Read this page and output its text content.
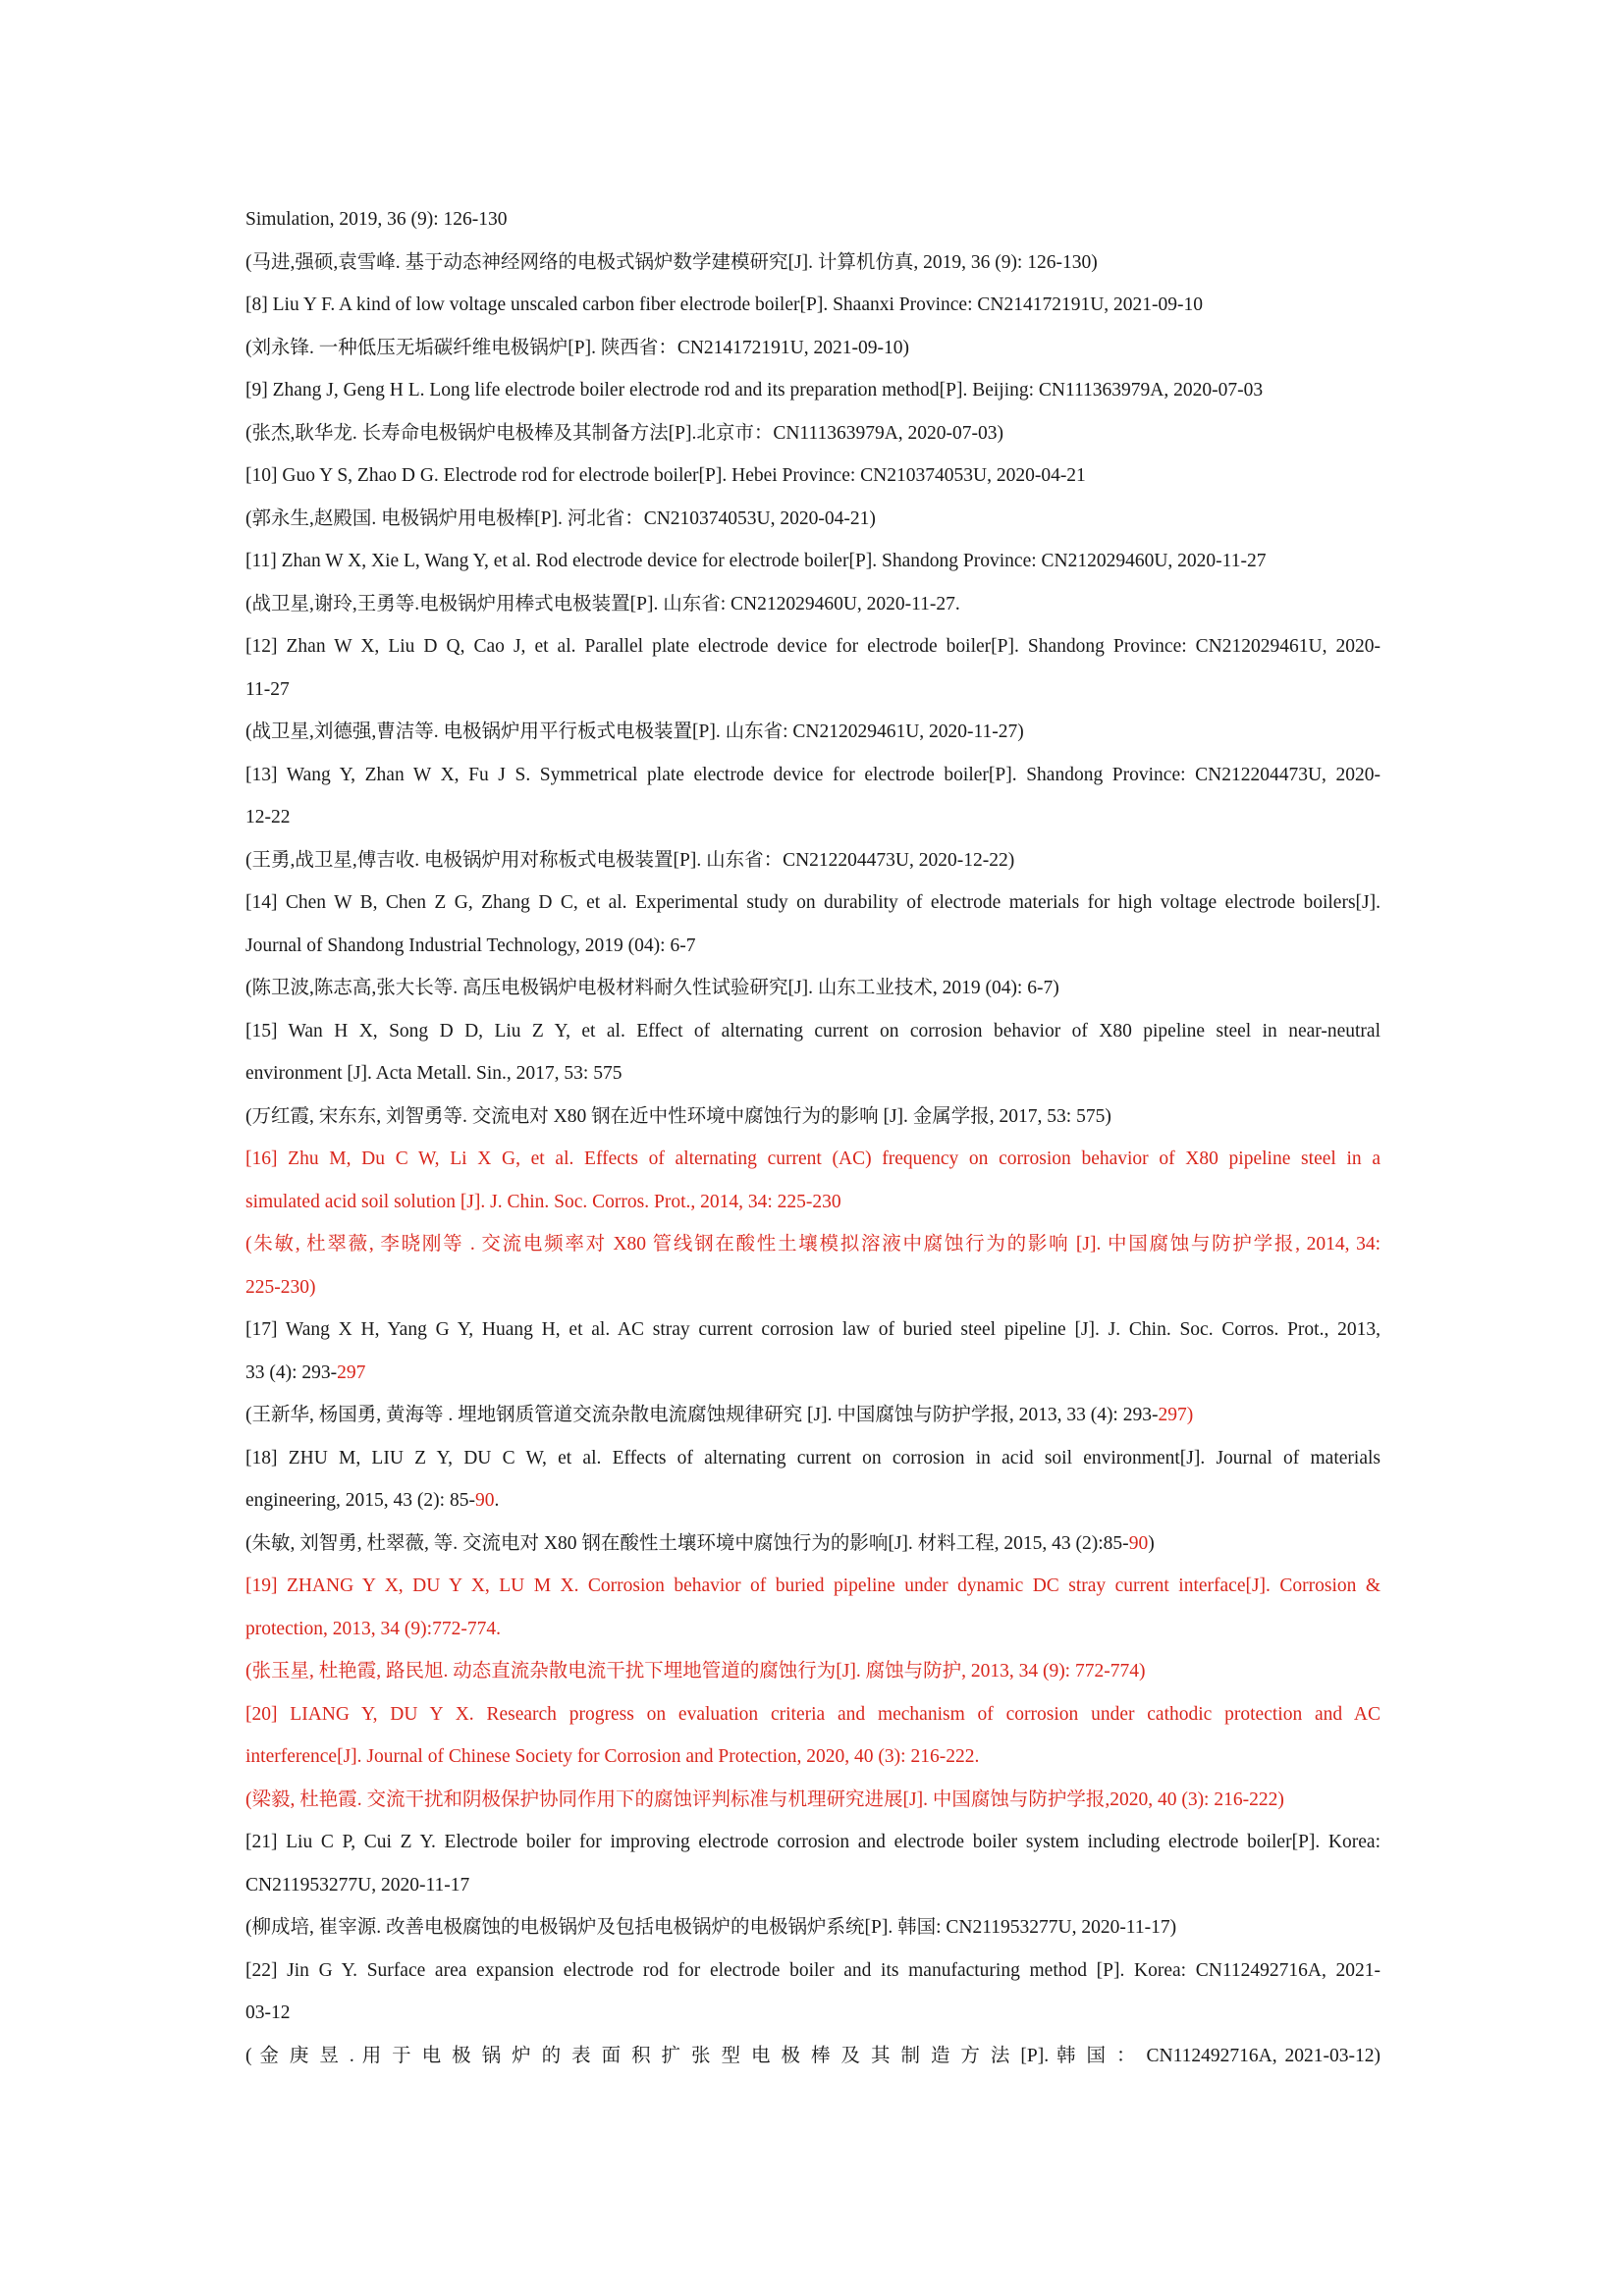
Simulation, 2019, 36 (9): 126-130
(马进,强硕,袁雪峰. 基于动态神经网络的电极式锅炉数学建模研究[J]. 计算机仿真, 2019, 36 (9): 126-130)
[8] Liu Y F. A kind of low voltage unscaled carbon fiber electrode boiler[P]. Shaanxi Province: CN214172191U, 2021-09-10
(刘永锋. 一种低压无垢碳纤维电极锅炉[P]. 陕西省：CN214172191U, 2021-09-10)
[9] Zhang J, Geng H L. Long life electrode boiler electrode rod and its preparation method[P]. Beijing: CN111363979A, 2020-07-03
(张杰,耿华龙. 长寿命电极锅炉电极棒及其制备方法[P].北京市：CN111363979A, 2020-07-03)
[10] Guo Y S, Zhao D G. Electrode rod for electrode boiler[P]. Hebei Province: CN210374053U, 2020-04-21
(郭永生,赵殿国. 电极锅炉用电极棒[P]. 河北省：CN210374053U, 2020-04-21)
[11] Zhan W X, Xie L, Wang Y, et al. Rod electrode device for electrode boiler[P]. Shandong Province: CN212029460U, 2020-11-27
(战卫星,谢玲,王勇等.电极锅炉用棒式电极装置[P]. 山东省: CN212029460U, 2020-11-27.
[12] Zhan W X, Liu D Q, Cao J, et al. Parallel plate electrode device for electrode boiler[P]. Shandong Province: CN212029461U, 2020-
11-27
(战卫星,刘德强,曹洁等. 电极锅炉用平行板式电极装置[P]. 山东省: CN212029461U, 2020-11-27)
[13] Wang Y, Zhan W X, Fu J S. Symmetrical plate electrode device for electrode boiler[P]. Shandong Province: CN212204473U, 2020-
12-22
(王勇,战卫星,傅吉收. 电极锅炉用对称板式电极装置[P]. 山东省：CN212204473U, 2020-12-22)
[14] Chen W B, Chen Z G, Zhang D C, et al. Experimental study on durability of electrode materials for high voltage electrode boilers[J].
Journal of Shandong Industrial Technology, 2019 (04): 6-7
(陈卫波,陈志高,张大长等. 高压电极锅炉电极材料耐久性试验研究[J]. 山东工业技术, 2019 (04): 6-7)
[15] Wan H X, Song D D, Liu Z Y, et al. Effect of alternating current on corrosion behavior of X80 pipeline steel in near-neutral
environment [J]. Acta Metall. Sin., 2017, 53: 575
(万红霞, 宋东东, 刘智勇等. 交流电对 X80 钢在近中性环境中腐蚀行为的影响 [J]. 金属学报, 2017, 53: 575)
[16] Zhu M, Du C W, Li X G, et al. Effects of alternating current (AC) frequency on corrosion behavior of X80 pipeline steel in a
simulated acid soil solution [J]. J. Chin. Soc. Corros. Prot., 2014, 34: 225-230
(朱敏, 杜翠薇, 李晓刚等 . 交流电频率对 X80 管线钢在酸性土壤模拟溶液中腐蚀行为的影响 [J]. 中国腐蚀与防护学报, 2014, 34:
225-230)
[17] Wang X H, Yang G Y, Huang H, et al. AC stray current corrosion law of buried steel pipeline [J]. J. Chin. Soc. Corros. Prot., 2013,
33 (4): 293-297
(王新华, 杨国勇, 黄海等 . 埋地钢质管道交流杂散电流腐蚀规律研究 [J]. 中国腐蚀与防护学报, 2013, 33 (4): 293-297)
[18] ZHU M, LIU Z Y, DU C W, et al. Effects of alternating current on corrosion in acid soil environment[J]. Journal of materials
engineering, 2015, 43 (2): 85-90.
(朱敏, 刘智勇, 杜翠薇, 等. 交流电对 X80 钢在酸性土壤环境中腐蚀行为的影响[J]. 材料工程, 2015, 43 (2):85-90)
[19] ZHANG Y X, DU Y X, LU M X. Corrosion behavior of buried pipeline under dynamic DC stray current interface[J]. Corrosion &
protection, 2013, 34 (9):772-774.
(张玉星, 杜艳霞, 路民旭. 动态直流杂散电流干扰下埋地管道的腐蚀行为[J]. 腐蚀与防护, 2013, 34 (9): 772-774)
[20] LIANG Y, DU Y X. Research progress on evaluation criteria and mechanism of corrosion under cathodic protection and AC
interference[J]. Journal of Chinese Society for Corrosion and Protection, 2020, 40 (3): 216-222.
(梁毅, 杜艳霞. 交流干扰和阴极保护协同作用下的腐蚀评判标准与机理研究进展[J]. 中国腐蚀与防护学报,2020, 40 (3): 216-222)
[21] Liu C P, Cui Z Y. Electrode boiler for improving electrode corrosion and electrode boiler system including electrode boiler[P]. Korea:
CN211953277U, 2020-11-17
(柳成培, 崔宰源. 改善电极腐蚀的电极锅炉及包括电极锅炉的电极锅炉系统[P]. 韩国: CN211953277U, 2020-11-17)
[22] Jin G Y. Surface area expansion electrode rod for electrode boiler and its manufacturing method [P]. Korea: CN112492716A, 2021-
03-12
( 金 庚 昱 . 用 于 电 极 锅 炉 的 表 面 积 扩 张 型 电 极 棒 及 其 制 造 方 法 [P]. 韩 国 ： CN112492716A, 2021-03-12)
